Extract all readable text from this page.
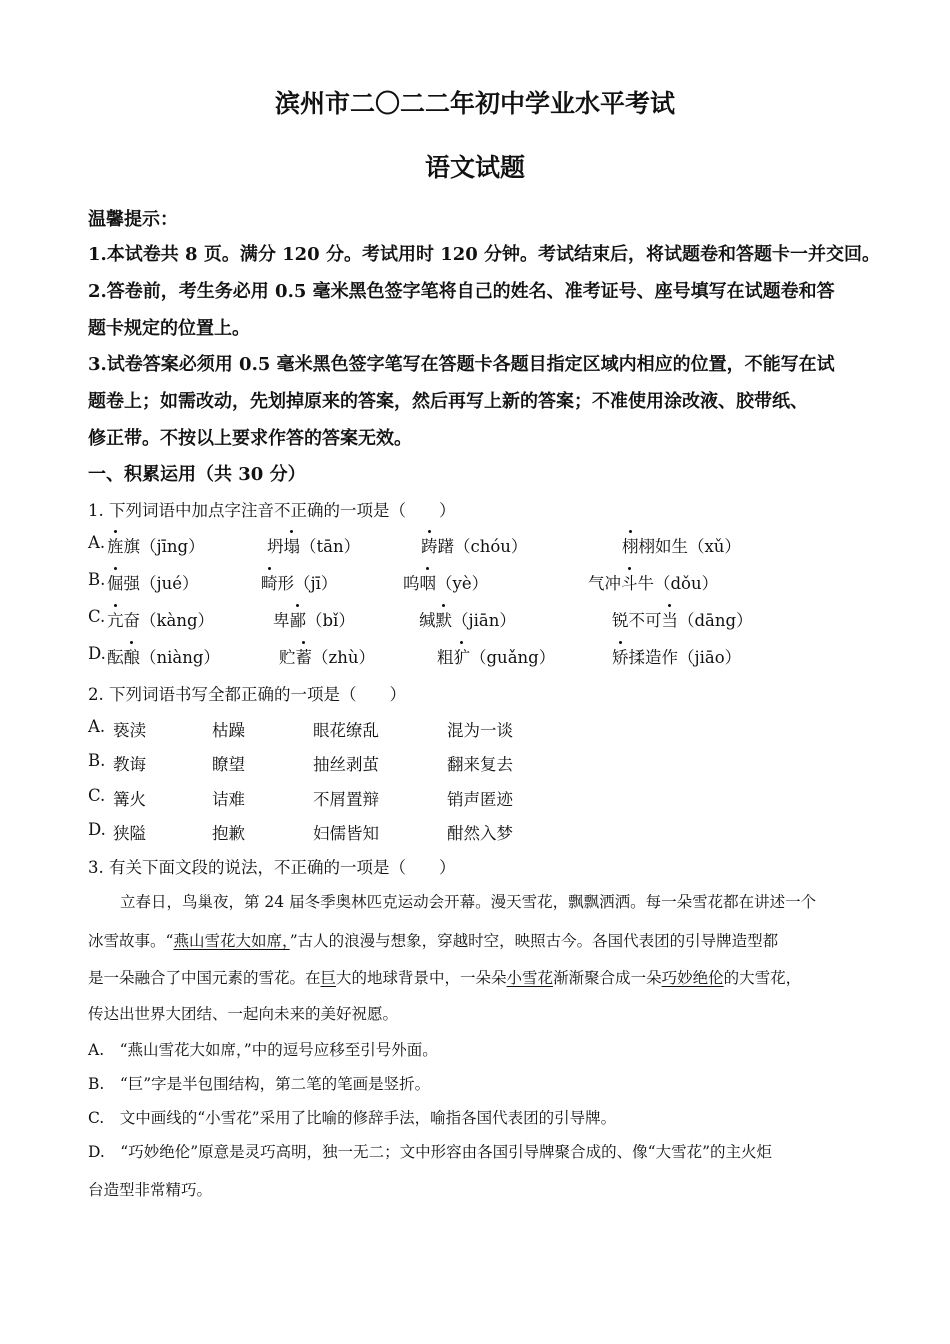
滨州市二〇二二年初中学业水平考试
语文试题
温馨提示：
1.本试卷共 8 页。满分 120 分。考试用时 120 分钟。考试结束后，将试题卷和答题卡一并交回。
2.答卷前，考生务必用 0.5 毫米黑色签字笔将自己的姓名、准考证号、座号填写在试题卷和答
题卡规定的位置上。
3.试卷答案必须用 0.5 毫米黑色签字笔写在答题卡各题目指定区域内相应的位置，不能写在试
题卷上；如需改动，先划掉原来的答案，然后再写上新的答案；不准使用涂改液、胶带纸、
修正带。不按以上要求作答的答案无效。
一、积累运用（共 30 分）
1. 下列词语中加点字注音不正确的一项是（　　）
A. 旌旗（jīng）	坍塌（tān）	踌躇（chóu）	栩栩如生（xǔ）
B. 倔强（jué）	畸形（jī）	呜咽（yè）	气冲斗牛（dǒu）
C. 亢奋（kàng）	卑鄙（bǐ）	缄默（jiān）	锐不可当（dāng）
D. 酝酿（niàng）	贮蓄（zhù）	粗犷（guǎng）	矫揉造作（jiāo）
2. 下列词语书写全都正确的一项是（　　）
A. 亵渎	枯躁	眼花缭乱	混为一谈
B. 教诲	瞭望	抽丝剥茧	翻来复去
C. 篝火	诘难	不屑置辩	销声匿迹
D. 狭隘	抱歉	妇儒皆知	酣然入梦
3. 有关下面文段的说法，不正确的一项是（　　）
立春日，鸟巢夜，第 24 届冬季奥林匹克运动会开幕。漫天雪花，飘飘洒洒。每一朵雪花都在讲述一个
冰雪故事。“燕山雪花大如席，”古人的浪漫与想象，穿越时空，映照古今。各国代表团的引导牌造型都
是一朵融合了中国元素的雪花。在巨大的地球背景中，一朵朵小雪花渐渐聚合成一朵巧妙绝伦的大雪花，
传达出世界大团结、一起向未来的美好祝愿。
A.　“燕山雪花大如席，”中的逗号应移至引号外面。
B.　“巨”字是半包围结构，第二笔的笔画是竖折。
C.　文中画线的“小雪花”采用了比喻的修辞手法，喻指各国代表团的引导牌。
D.　“巧妙绝伦”原意是灵巧高明，独一无二；文中形容由各国引导牌聚合成的、像“大雪花”的主火炬
台造型非常精巧。
